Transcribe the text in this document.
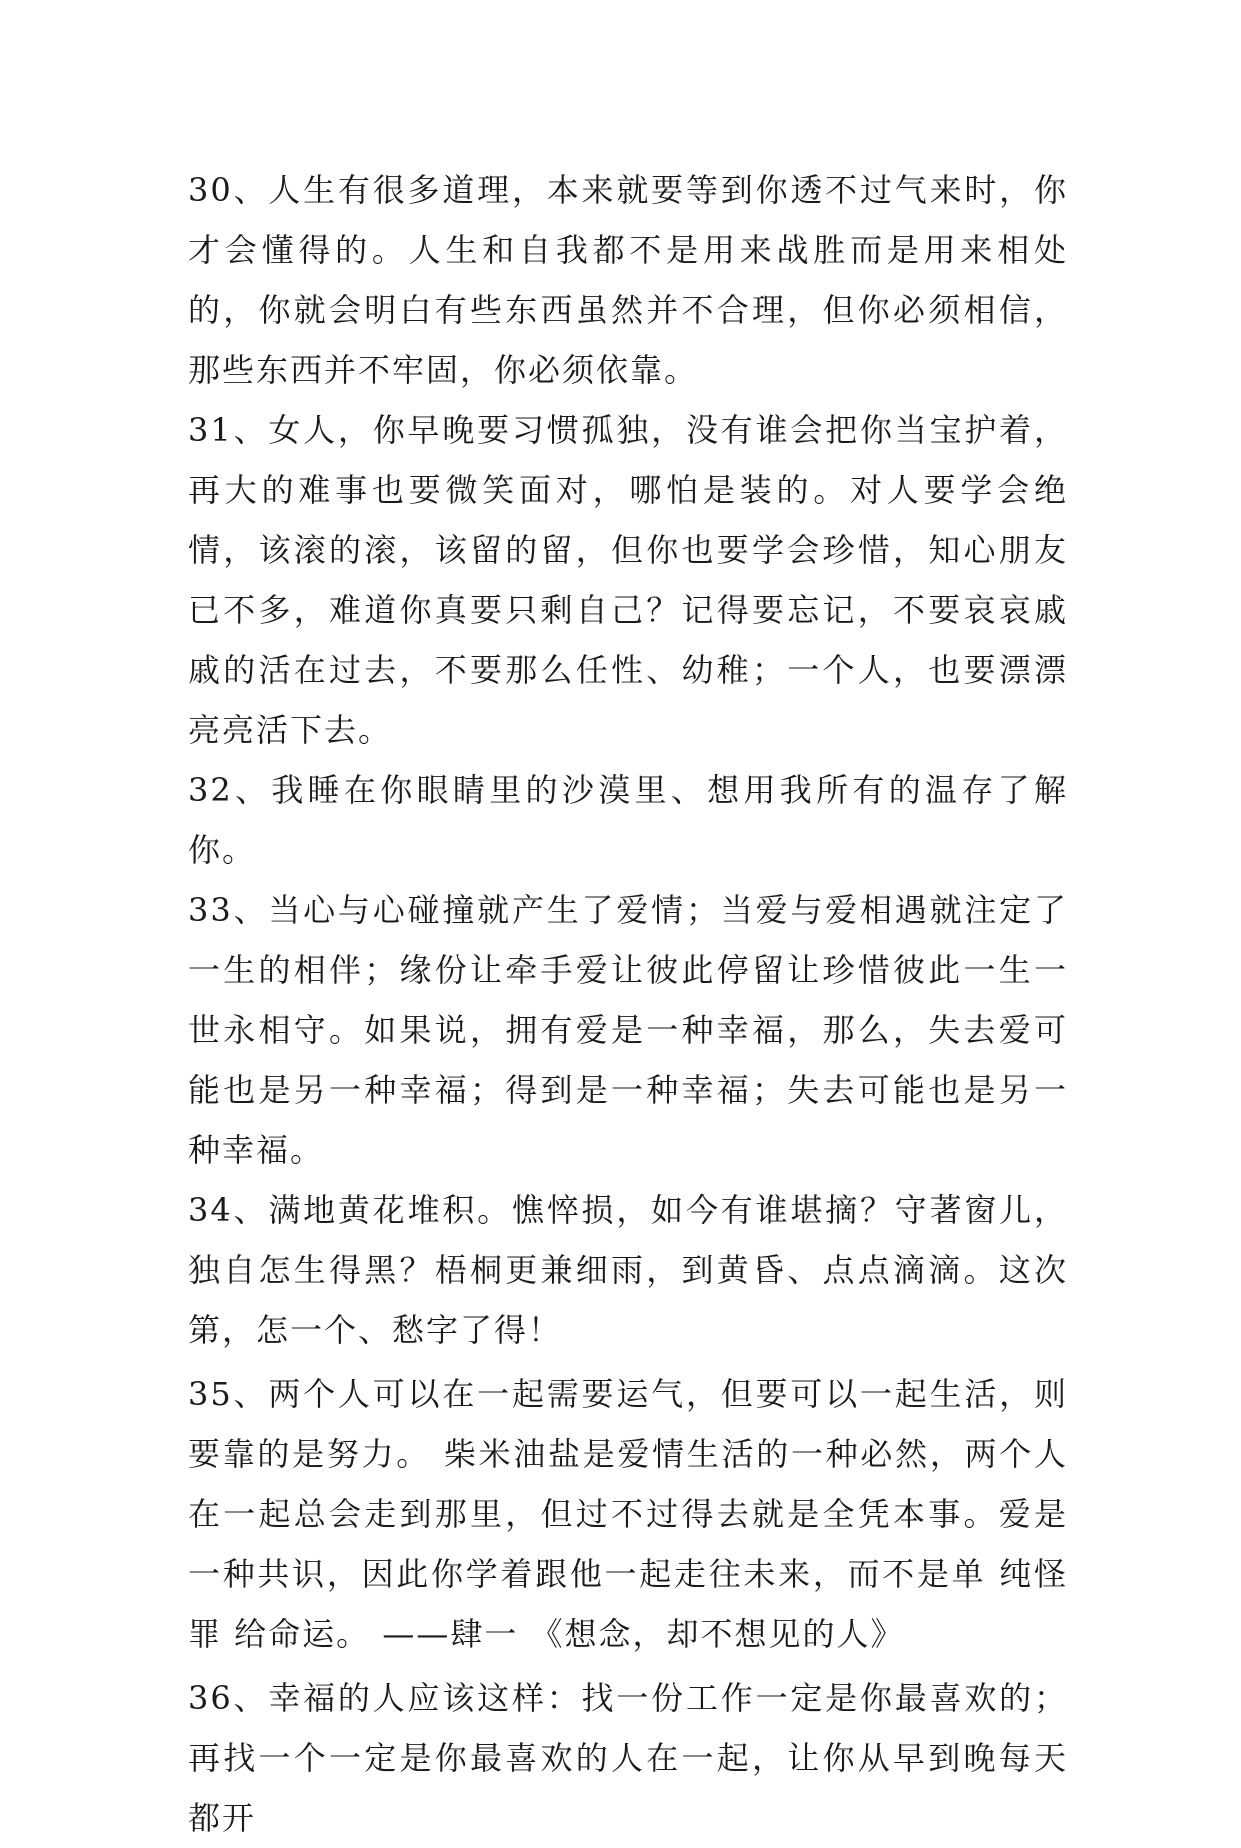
30、人生有很多道理，本来就要等到你透不过气来时，你才会懂得的。人生和自我都不是用来战胜而是用来相处的，你就会明白有些东西虽然并不合理，但你必须相信，那些东西并不牢固，你必须依靠。

31、女人，你早晚要习惯孤独，没有谁会把你当宝护着，再大的难事也要微笑面对，哪怕是装的。对人要学会绝情，该滚的滚，该留的留，但你也要学会珍惜，知心朋友已不多，难道你真要只剩自己？记得要忘记，不要哀哀戚戚的活在过去，不要那么任性、幼稚；一个人，也要漂漂亮亮活下去。

32、我睡在你眼睛里的沙漠里、想用我所有的温存了解你。

33、当心与心碰撞就产生了爱情；当爱与爱相遇就注定了一生的相伴；缘份让牵手爱让彼此停留让珍惜彼此一生一世永相守。如果说，拥有爱是一种幸福，那么，失去爱可能也是另一种幸福；得到是一种幸福；失去可能也是另一种幸福。

34、满地黄花堆积。憔悴损，如今有谁堪摘？守著窗儿，独自怎生得黑？梧桐更兼细雨，到黄昏、点点滴滴。这次第，怎一个、愁字了得！

35、两个人可以在一起需要运气，但要可以一起生活，则要靠的是努力。 柴米油盐是爱情生活的一种必然，两个人在一起总会走到那里，但过不过得去就是全凭本事。爱是一种共识，因此你学着跟他一起走往未来，而不是单 纯怪罪 给命运。 ——肆一 《想念，却不想见的人》

36、幸福的人应该这样：找一份工作一定是你最喜欢的；再找一个一定是你最喜欢的人在一起，让你从早到晚每天都开
